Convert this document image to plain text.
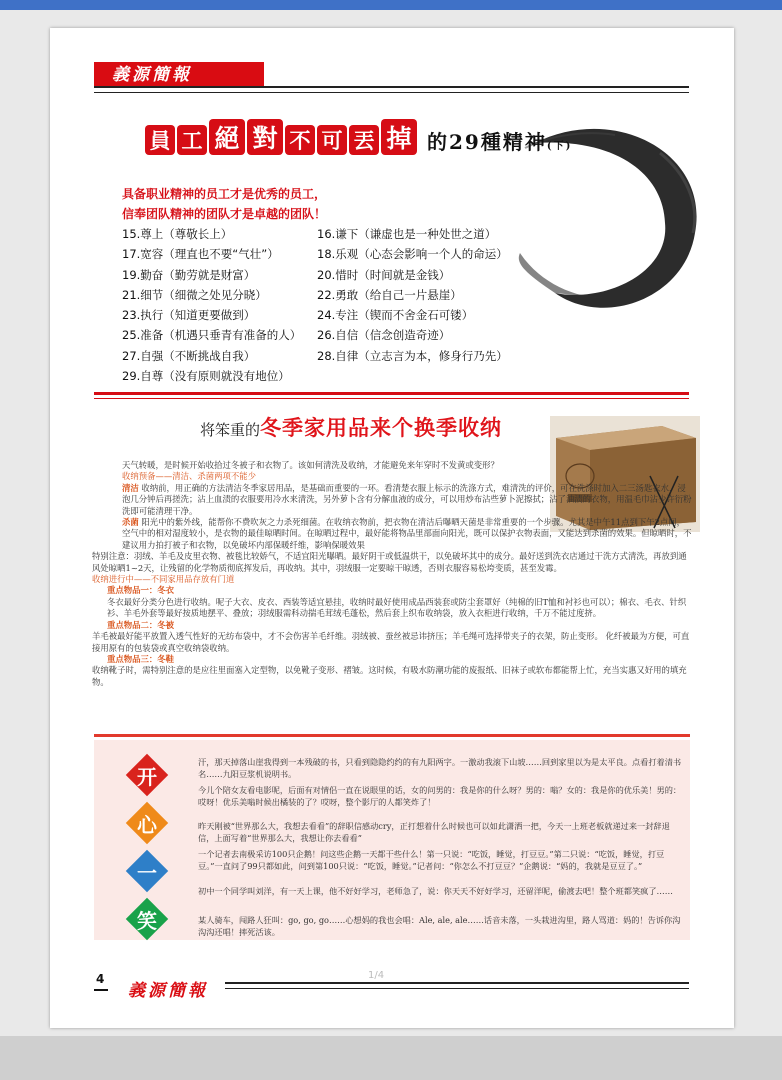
義源簡報
員 工 絕 對 不 可 丟 掉 的29種精神(下)
具备职业精神的员工才是优秀的员工，
信奉团队精神的团队才是卓越的团队！
15.尊上（尊敬长上）	16.谦下（谦虚也是一种处世之道）
17.宽容（理直也不要“气壮”）	18.乐观（心态会影响一个人的命运）
19.勤奋（勤劳就是财富）	20.惜时（时间就是金钱）
21.细节（细微之处见分晓）	22.勇敢（给自己一片悬崖）
23.执行（知道更要做到）	24.专注（锲而不舍金石可镂）
25.准备（机遇只垂青有准备的人）	26.自信（信念创造奇迹）
27.自强（不断挑战自我）	28.自律（立志言为本，修身行乃先）
29.自尊（没有原则就没有地位）
将笨重的 冬季家用品来个换季收纳

天气转暖，是时候开始收拾过冬被子和衣物了。该如何清洗及收纳，才能避免来年穿时不发黄或变形？

收纳预备——清洁、杀菌两项不能少

清洁 收纳前，用正确的方法清洁冬季家居用品，是基础而重要的一环。看清楚衣服上标示的洗涤方式，难清洗的评价，可在洗涤时加入二三汤匙衣水，浸泡几分钟后再搓洗；沾上血渍的衣服要用冷水来清洗，另外萝卜含有分解血液的成分，可以用炒布沾些萝卜泥擦拭；沾了油渍的衣物，用温毛巾沾少许衍粉洗即可能清理干净。

杀菌 阳光中的紫外线，能帮你不费吹灰之力杀死细菌。在收纳衣物前，把衣物在清洁后曝晒天菌是非常重要的一个步骤。尤其是中午11点到下午2点间，空气中的相对湿度较小，是衣物的最佳晾晒时间。在晾晒过程中，最好能将物品里部面向阳光，既可以保护衣物表面，又能达到杀菌的效果。但晾晒时，不建议用力拍打被子和衣物，以免破坏内部保暖纤维，影响保暖效果

特别注意：羽绒、羊毛及皮里衣物、被毯比较娇气，不适宜阳光曝晒。最好阴干或低温烘干，以免破坏其中的成分。最好送到洗衣店通过干洗方式清洗，再放到通风处晾晒1~2天，让残留的化学物质彻底挥发后，再收纳。其中，羽绒服一定要晾干晾透，否则衣服容易松垮变质，甚至发霉。

收纳进行中——不同家用品存放有门道

重点物品一：冬衣

冬衣最好分类分色进行收纳。呢子大衣、皮衣、西装等适宜悬挂，收纳时最好使用成品西装套或防尘套罩好（纯棉的旧T恤和衬衫也可以）；棉衣、毛衣、针织衫、羊毛外套等最好按质地摆平、叠放；羽绒服需科动揣毛茸绒毛蓬松，然后套上织布收纳袋，放入衣柜进行收纳，千万不能过度挤。

重点物品二：冬被

羊毛被最好能平放置入透气性好的无纺布袋中，才不会伤害羊毛纤维。羽绒被、蚕丝被忌讳挤压；羊毛绳可选择带夹子的衣架，防止变形。 化纤被最为方便，可直接用原有的包装袋或真空收纳袋收纳。

重点物品三：冬鞋

收纳靴子时，需特别注意的是应往里面塞入定型物，以免靴子变形、褶皱。这时候，有吸水防潮功能的废报纸、旧袜子或软布都能帮上忙，充当实惠又好用的填充物。

开
心
一
笑
汗，那天掉落山崖我得到一本残破的书，只看到隐隐约约的有九阳两字。一激动我滚下山坡……回到家里以为是太平良。点看打着清书名……九阳豆浆机说明书。
今儿个陪女友看电影呢，后面有对情侣一直在说眼里的话，女的问男的：我是你的什么呀？男的：嗡？女的：我是你的优乐美！男的：哎呀！优乐美嗡时候出橘装的了？哎呀，整个影厅的人都笑炸了！
昨天刚被“世界那么大，我想去看看”的辞职信感动cry，正打想着什么时候也可以如此潇洒一把，今天一上班老板就递过来一封辞退信，上面写着“世界那么大，我想让你去看看”
一个记者去南极采访100只企鹅！问这些企鹅一天都干些什么！第一只说：“吃饭，睡觉，打豆豆。”第二只说：“吃饭，睡觉，打豆豆。”一直问了99只都如此，问到第100只说：“吃饭，睡觉。”记者问：“你怎么不打豆豆？”企鹅说：“妈的，我就是豆豆了。”
初中一个同学叫刘洋，有一天上课，他不好好学习，老师急了，说：你天天不好好学习，还留洋呢，偷渡去吧！整个班都笑疯了……
某人骑车，闯路人狂叫：go, go, go……心想妈的我也会唱：Ale, ale, ale……话音未落，一头栽进沟里，路人骂道：妈的！告诉你沟沟沟还唱！摔死活该。
4
義源簡報
1/4
